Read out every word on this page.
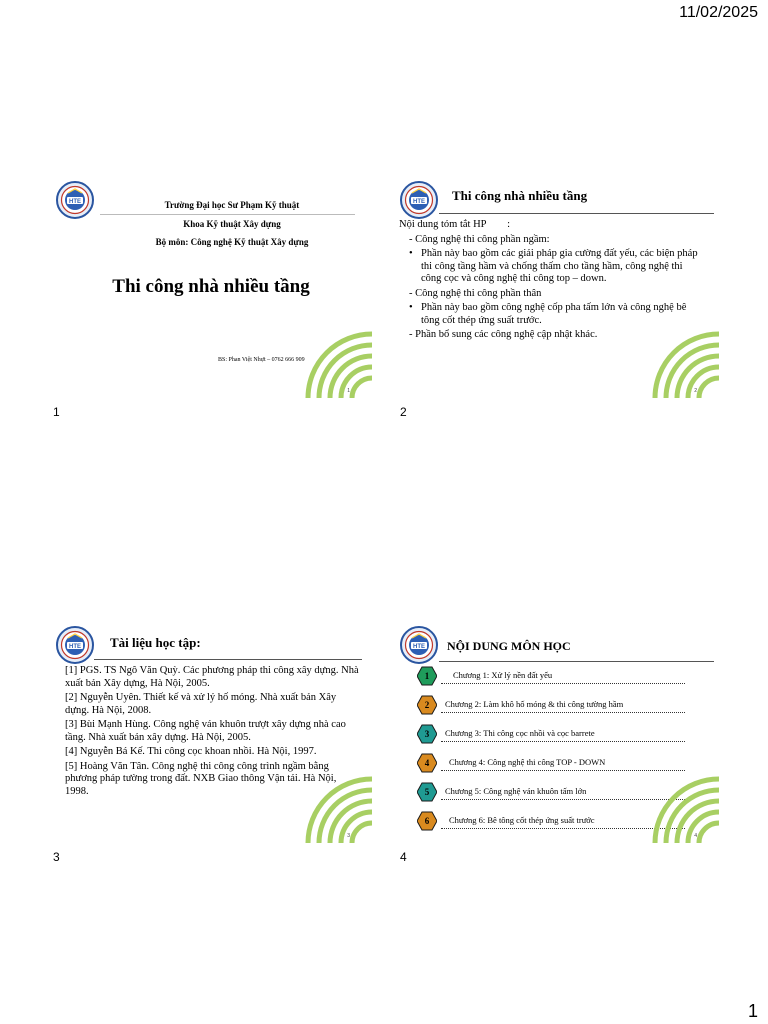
11/02/2025
Trường Đại học Sư Phạm Kỹ thuật
Khoa Kỹ thuật Xây dựng
Bộ môn: Công nghệ Kỹ thuật Xây dựng
Thi công nhà nhiều tầng
BS: Phan Việt Nhựt – 0762 666 909
1
1
Thi công nhà nhiều tầng

Nội dung tóm tắt HP        :

- Công nghệ thi công phần ngầm:

• Phần này bao gồm các giải pháp gia cường đất yếu, các biện pháp thi công tầng hầm và chống thấm cho tầng hầm, công nghệ thi công cọc và công nghệ thi công top – down.

- Công nghệ thi công phần thân

• Phần này bao gồm công nghệ cốp pha tấm lớn và công nghệ bê tông cốt thép ứng suất trước.

- Phần bổ sung các công nghệ cập nhật khác.

2
2
Tài liệu học tập:

[1] PGS. TS Ngô Văn Quỳ. Các phương pháp thi công xây dựng. Nhà xuất bản Xây dựng, Hà Nội, 2005.

[2] Nguyễn Uyên. Thiết kế và xử lý hố móng. Nhà xuất bản Xây dựng. Hà Nội, 2008.

[3] Bùi Mạnh Hùng. Công nghệ ván khuôn trượt xây dựng nhà cao tầng. Nhà xuất bản xây dựng. Hà Nội, 2005.

[4] Nguyễn Bá Kế. Thi công cọc khoan nhồi. Hà Nội, 1997.

[5] Hoàng Văn Tân. Công nghệ thi công công trình ngầm bằng phương pháp tường trong đất. NXB Giao thông Vận tải. Hà Nội, 1998.

3
3
NỘI DUNG MÔN HỌC
1	Chương 1: Xử lý nền đất yếu
2	Chương 2: Làm khô hố móng & thi công tường hầm
3	Chương 3: Thi công cọc nhồi và cọc barrete
4	Chương 4: Công nghệ thi công TOP - DOWN
5	Chương 5: Công nghệ ván khuôn tấm lớn
6	Chương 6: Bê tông cốt thép ứng suất trước
4
4
1
